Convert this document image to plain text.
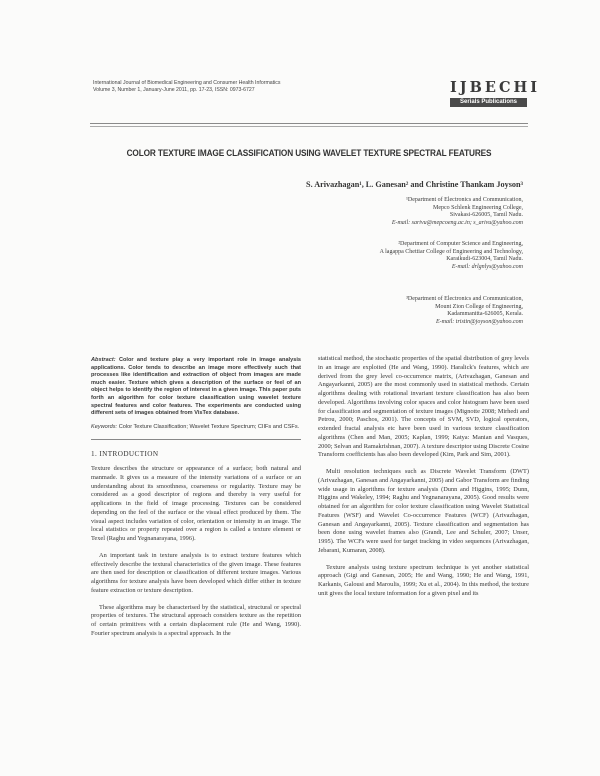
International Journal of Biomedical Engineering and Consumer Health Informatics
Volume 3, Number 1, January-June 2011, pp. 17-23, ISSN: 0973-6727	IJBECHI
Serials Publications
COLOR TEXTURE IMAGE CLASSIFICATION USING WAVELET TEXTURE SPECTRAL FEATURES
S. Arivazhagan¹, L. Ganesan² and Christine Thankam Joyson³

¹Department of Electronics and Communication,

Mepco Schlenk Engineering College,

Sivakasi-626005, Tamil Nadu.

E-mail: sarivu@mepcoeng.ac.in; s_arivu@yahoo.com

²Department of Computer Science and Engineering,

A lagappa Chettiar College of Engineering and Technology,

Karaikudi-623004, Tamil Nadu.

E-mail: drlgnlys@yahoo.com

³Department of Electronics and Communication,

Mount Zion College of Engineering,

Kadammanitta-626005, Kerala.

E-mail: tristin@joyson@yahoo.com

Abstract: Color and texture play a very important role in image analysis applications. Color tends to describe an image more effectively such that processes like identification and extraction of object from images are made much easier. Texture which gives a description of the surface or feel of an object helps to identify the region of interest in a given image. This paper puts forth an algorithm for color texture classification using wavelet texture spectral features and color features. The experiments are conducted using different sets of images obtained from VisTex database.

Keywords: Color Texture Classification; Wavelet Texture Spectrum; CIIFs and CSFs.

1. INTRODUCTION

Texture describes the structure or appearance of a surface; both natural and manmade. It gives us a measure of the intensity variations of a surface or an understanding about its smoothness, coarseness or regularity. Texture may be considered as a good descriptor of regions and thereby is very useful for applications in the field of image processing. Textures can be considered depending on the feel of the surface or the visual effect produced by them. The visual aspect includes variation of color, orientation or intensity in an image. The local statistics or property repeated over a region is called a texture element or Texel (Raghu and Yegnanarayana, 1996).

An important task in texture analysis is to extract texture features which effectively describe the textural characteristics of the given image. These features are then used for description or classification of different texture images. Various algorithms for texture analysis have been developed which differ either in texture feature extraction or texture description.

These algorithms may be characterised by the statistical, structural or spectral properties of textures. The structural approach considers texture as the repetition of certain primitives with a certain displacement rule (He and Wang, 1990). Fourier spectrum analysis is a spectral approach. In the

statistical method, the stochastic properties of the spatial distribution of grey levels in an image are exploited (He and Wang, 1990). Haralick's features, which are derived from the grey level co-occurrence matrix, (Arivazhagan, Ganesan and Angayarkanni, 2005) are the most commonly used in statistical methods. Certain algorithms dealing with rotational invariant texture classification has also been developed. Algorithms involving color spaces and color histogram have been used for classification and segmentation of texture images (Mignotte 2008; Mirhedi and Petrou, 2000; Paschos, 2001). The concepts of SVM, SVD, logical operators, extended fractal analysis etc have been used in various texture classification algorithms (Chen and Man, 2005; Kaplan, 1999; Katya: Manian and Vasques, 2000; Selvan and Ramakrishnan, 2007). A texture descriptor using Discrete Cosine Transform coefficients has also been developed (Kim, Park and Sim, 2001).

Multi resolution techniques such as Discrete Wavelet Transform (DWT) (Arivazhagan, Ganesan and Angayarkanni, 2005) and Gabor Transform are finding wide usage in algorithms for texture analysis (Dunn and Higgins, 1995; Dunn, Higgins and Wakeley, 1994; Raghu and Yegnanarayana, 2005). Good results were obtained for an algorithm for color texture classification using Wavelet Statistical Features (WSF) and Wavelet Co-occurrence Features (WCF) (Arivazhagan, Ganesan and Angayarkanni, 2005). Texture classification and segmentation has been done using wavelet frames also (Grandi, Lee and Schuler, 2007; Unser, 1995). The WCFs were used for target tracking in video sequences (Arivazhagan, Jebarani, Kumaran, 2008).

Texture analysis using texture spectrum technique is yet another statistical approach (Gigi and Ganesan, 2005; He and Wang, 1990; He and Wang, 1991, Karkanis, Galousi and Maroulis, 1999; Xu et al., 2004). In this method, the texture unit gives the local texture information for a given pixel and its
